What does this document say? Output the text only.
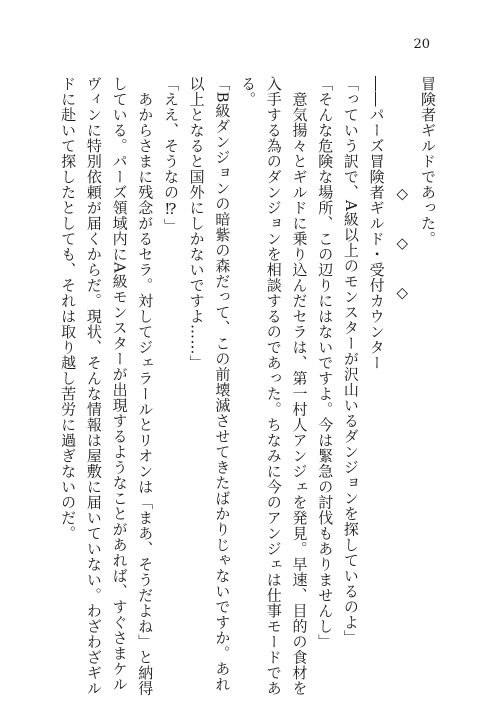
20
冒険者ギルドであった。
　　　　　　　◇　　◇　　◇
――パーズ冒険者ギルド・受付カウンター
「っていう訳で、A級以上のモンスターが沢山いるダンジョンを探しているのよ」
「そんな危険な場所、この辺りにはないですよ。今は緊急の討伐もありませんし」
　意気揚々とギルドに乗り込んだセラは、第一村人アンジェを発見。早速、目的の食材を
入手する為のダンジョンを相談するのであった。ちなみに今のアンジェは仕事モードであ
る。
「B級ダンジョンの暗紫の森だって、この前壊滅させてきたばかりじゃないですか。あれ
以上となると国外にしかないですよ……」
「ええ、そうなの⁉」
　あからさまに残念がるセラ。対してジェラールとリオンは「まあ、そうだよね」と納得
している。パーズ領域内にA級モンスターが出現するようなことがあれば、すぐさまケル
ヴィンに特別依頼が届くからだ。現状、そんな情報は屋敷に届いていない。わざわざギル
ドに赴いて探したとしても、それは取り越し苦労に過ぎないのだ。
